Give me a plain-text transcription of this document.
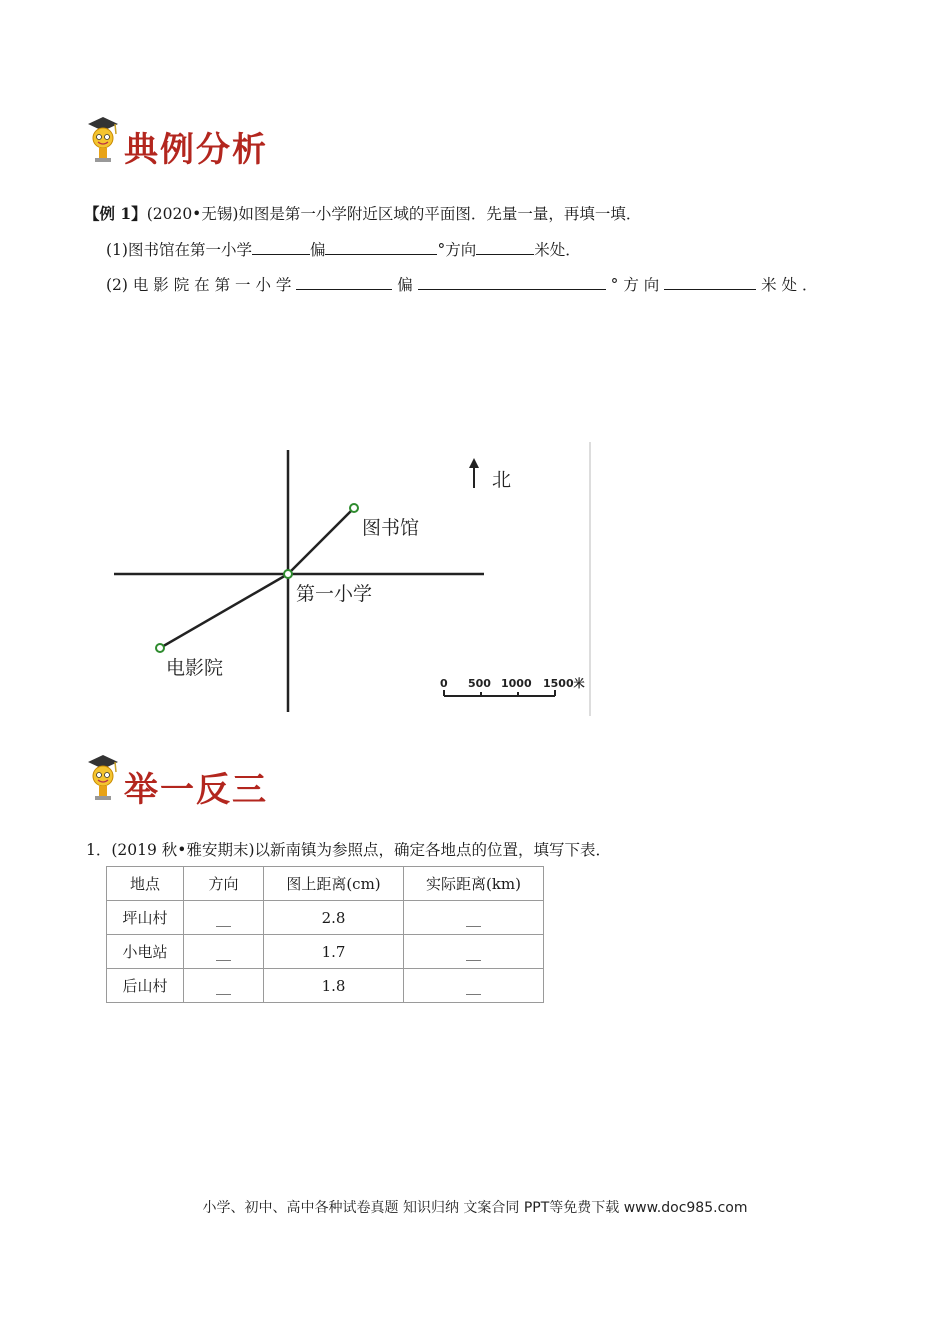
典例分析
【例 1】(2020•无锡)如图是第一小学附近区域的平面图．先量一量，再填一填．
(1)图书馆在第一小学	偏	°方向	米处．
(2) 电 影 院 在 第 一 小 学	偏	° 方 向	米 处 ．
北
图书馆
第一小学
电影院
0 500 1000 1500米
举一反三
1．(2019 秋•雅安期末)以新南镇为参照点，确定各地点的位置，填写下表．
地点	方向	图上距离(cm)	实际距离(km)
坪山村	__	2.8	__
小电站	__	1.7	__
后山村	__	1.8	__
小学、初中、高中各种试卷真题 知识归纳 文案合同 PPT等免费下载 www.doc985.com
